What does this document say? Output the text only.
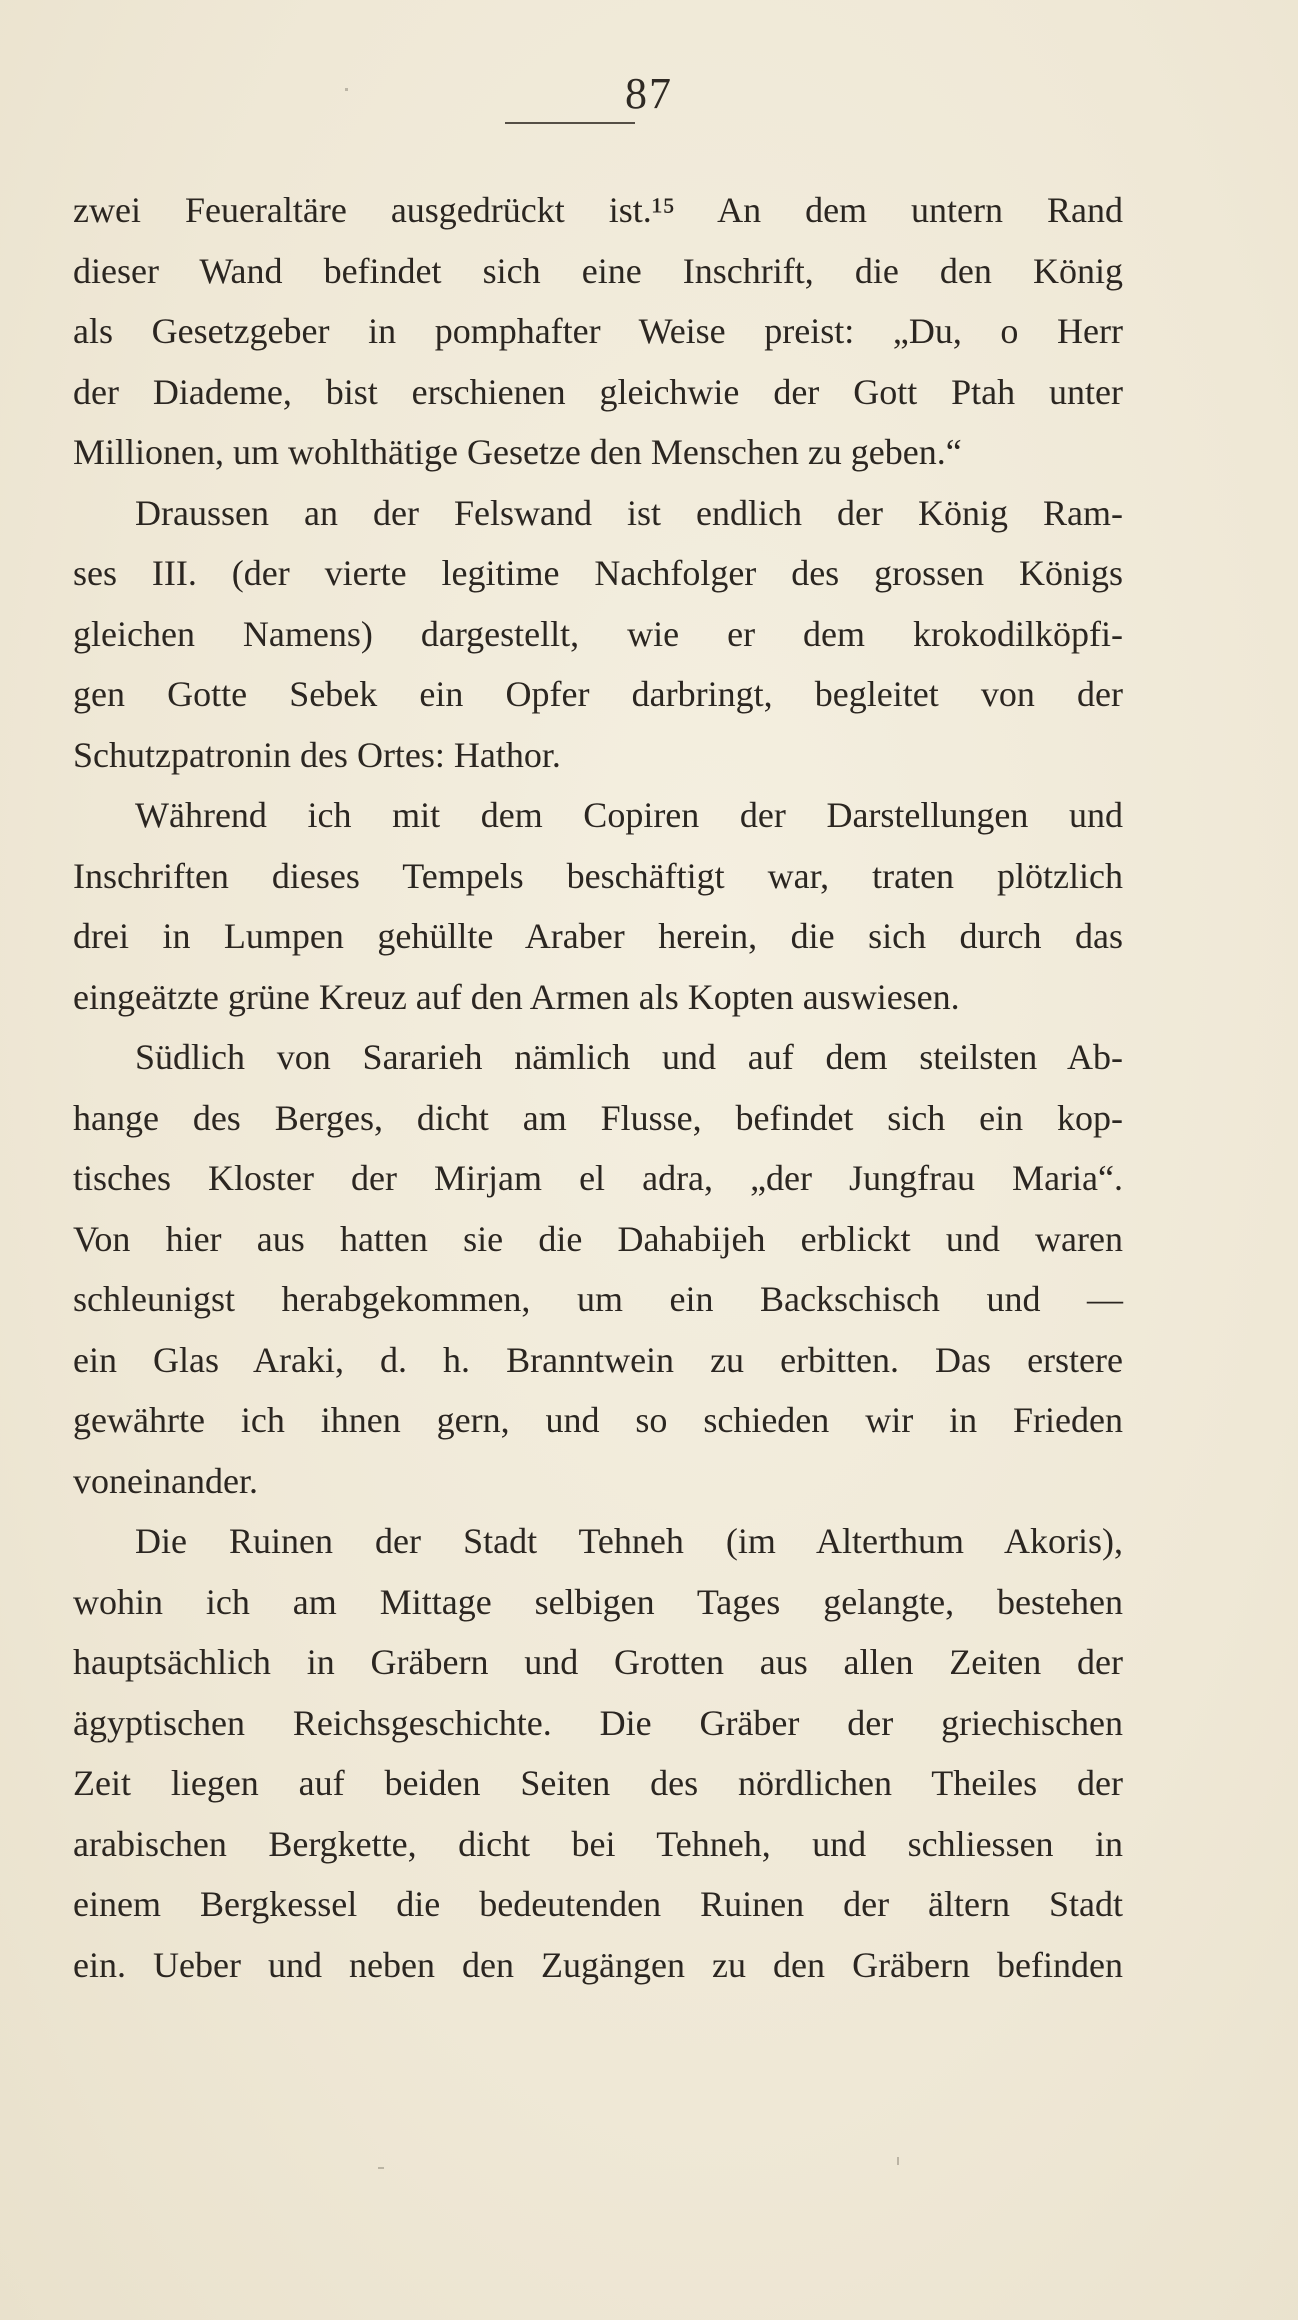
87
zwei Feueraltäre ausgedrückt ist.¹⁵ An dem untern Rand
dieser Wand befindet sich eine Inschrift, die den König
als Gesetzgeber in pomphafter Weise preist: „Du, o Herr
der Diademe, bist erschienen gleichwie der Gott Ptah unter
Millionen, um wohlthätige Gesetze den Menschen zu geben.“
Draussen an der Felswand ist endlich der König Ram-
ses III. (der vierte legitime Nachfolger des grossen Königs
gleichen Namens) dargestellt, wie er dem krokodilköpfi-
gen Gotte Sebek ein Opfer darbringt, begleitet von der
Schutzpatronin des Ortes: Hathor.
Während ich mit dem Copiren der Darstellungen und
Inschriften dieses Tempels beschäftigt war, traten plötzlich
drei in Lumpen gehüllte Araber herein, die sich durch das
eingeätzte grüne Kreuz auf den Armen als Kopten auswiesen.
Südlich von Sararieh nämlich und auf dem steilsten Ab-
hange des Berges, dicht am Flusse, befindet sich ein kop-
tisches Kloster der Mirjam el adra, „der Jungfrau Maria“.
Von hier aus hatten sie die Dahabijeh erblickt und waren
schleunigst herabgekommen, um ein Backschisch und —
ein Glas Araki, d. h. Branntwein zu erbitten. Das erstere
gewährte ich ihnen gern, und so schieden wir in Frieden
voneinander.
Die Ruinen der Stadt Tehneh (im Alterthum Akoris),
wohin ich am Mittage selbigen Tages gelangte, bestehen
hauptsächlich in Gräbern und Grotten aus allen Zeiten der
ägyptischen Reichsgeschichte. Die Gräber der griechischen
Zeit liegen auf beiden Seiten des nördlichen Theiles der
arabischen Bergkette, dicht bei Tehneh, und schliessen in
einem Bergkessel die bedeutenden Ruinen der ältern Stadt
ein. Ueber und neben den Zugängen zu den Gräbern befinden
